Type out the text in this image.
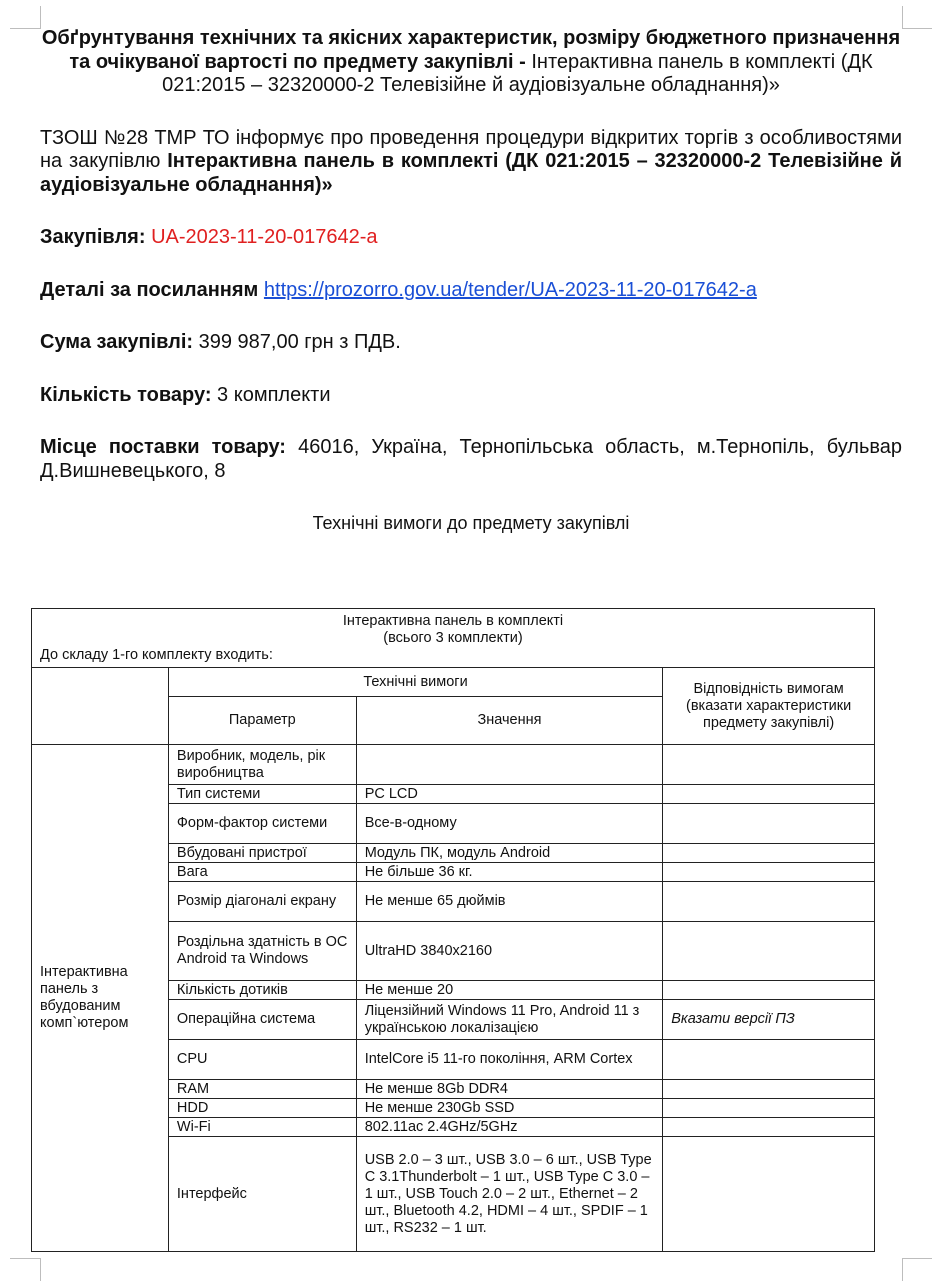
Обґрунтування технічних та якісних характеристик, розміру бюджетного призначення та очікуваної вартості по предмету закупівлі - Інтерактивна панель в комплекті (ДК 021:2015 – 32320000-2 Телевізійне й аудіовізуальне обладнання)»

ТЗОШ №28 ТМР ТО інформує про проведення процедури відкритих торгів з особливостями на закупівлю Інтерактивна панель в комплекті (ДК 021:2015 – 32320000-2 Телевізійне й аудіовізуальне обладнання)»

Закупівля: UA-2023-11-20-017642-a

Деталі за посиланням https://prozorro.gov.ua/tender/UA-2023-11-20-017642-a

Сума закупівлі: 399 987,00 грн з ПДВ.

Кількість товару: 3 комплекти

Місце поставки товару: 46016, Україна, Тернопільська область, м.Тернопіль, бульвар Д.Вишневецького, 8

Технічні вимоги до предмету закупівлі

Інтерактивна панель в комплекті
(всього 3 комплекти)
До складу 1-го комплекту входить:			

	Технічні вимоги		Відповідність вимогам (вказати характеристики предмету закупівлі)
	Параметр	Значення	
Інтерактивна панель з вбудованим комп`ютером	Виробник, модель, рік виробництва		
	Тип системи	PC LCD	
	Форм-фактор системи	Все-в-одному	
	Вбудовані пристрої	Модуль ПК, модуль Android	
	Вага	Не більше 36 кг.	
	Розмір діагоналі екрану	Не менше 65 дюймів	
	Роздільна здатність в ОС Android та Windows	UltraHD 3840x2160	
	Кількість дотиків	Не менше 20	
	Операційна система	Ліцензійний Windows 11 Pro, Android 11 з українською локалізацією	Вказати версії ПЗ
	CPU	IntelCore i5 11-го покоління, ARM Cortex	
	RAM	Не менше 8Gb DDR4	
	HDD	Не менше 230Gb SSD	
	Wi-Fi	802.11ac 2.4GHz/5GHz	
	Інтерфейс	USB 2.0 – 3 шт., USB 3.0 – 6 шт., USB Type C 3.1Thunderbolt – 1 шт., USB Type C 3.0 – 1 шт., USB Touch 2.0 – 2 шт., Ethernet – 2 шт., Bluetooth 4.2, HDMI – 4 шт., SPDIF – 1 шт., RS232 – 1 шт.	
